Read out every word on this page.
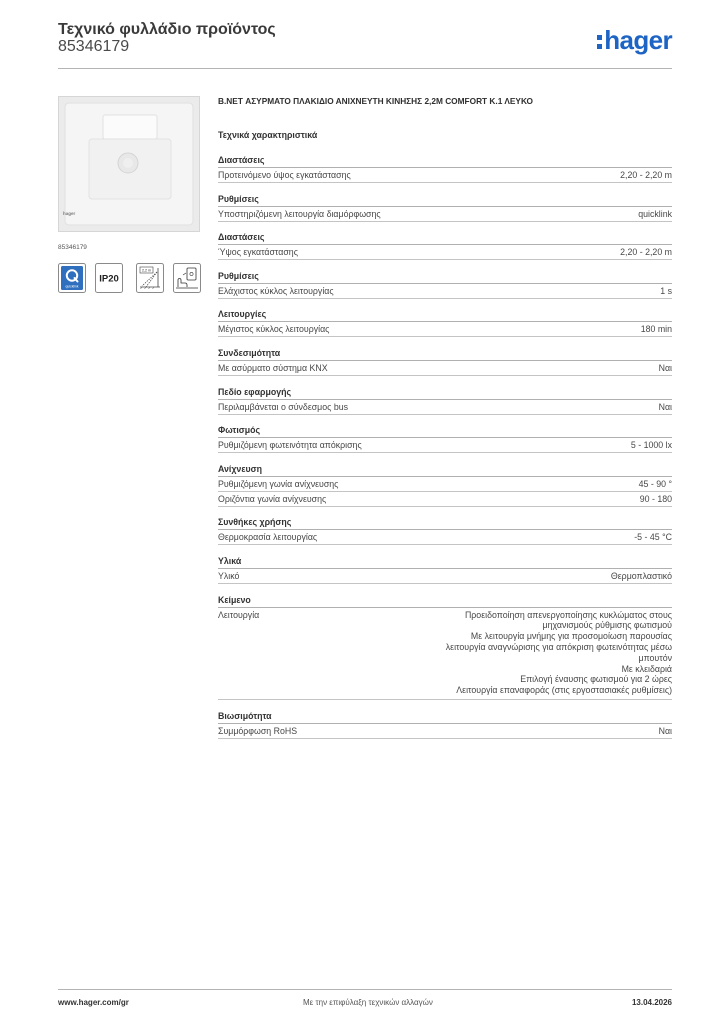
Τεχνικό φυλλάδιο προϊόντος
85346179	hager
hager
85346179
quicklink
IP20
2,2 m
B.NET ΑΣΥΡΜΑΤΟ ΠΛΑΚΙΔΙΟ ΑΝΙΧΝΕΥΤΗ ΚΙΝΗΣΗΣ 2,2M COMFORT Κ.1 ΛΕΥΚΟ
Τεχνικά χαρακτηριστικά
Διαστάσεις
Προτεινόμενο ύψος εγκατάστασης	2,20 - 2,20 m
Ρυθμίσεις
Υποστηριζόμενη λειτουργία διαμόρφωσης	quicklink
Διαστάσεις
Ύψος εγκατάστασης	2,20 - 2,20 m
Ρυθμίσεις
Ελάχιστος κύκλος λειτουργίας	1 s
Λειτουργίες
Μέγιστος κύκλος λειτουργίας	180 min
Συνδεσιμότητα
Με ασύρματο σύστημα KNX	Ναι
Πεδίο εφαρμογής
Περιλαμβάνεται ο σύνδεσμος bus	Ναι
Φωτισμός
Ρυθμιζόμενη φωτεινότητα απόκρισης	5 - 1000 lx
Ανίχνευση
Ρυθμιζόμενη γωνία ανίχνευσης	45 - 90 °
Οριζόντια γωνία ανίχνευσης	90 - 180
Συνθήκες χρήσης
Θερμοκρασία λειτουργίας	-5 - 45 °C
Υλικά
Υλικό	Θερμοπλαστικό
Κείμενο
Λειτουργία	Προειδοποίηση απενεργοποίησης κυκλώματος στους
μηχανισμούς ρύθμισης φωτισμού
Με λειτουργία μνήμης για προσομοίωση παρουσίας
λειτουργία αναγνώρισης για απόκριση φωτεινότητας μέσω
μπουτόν
Με κλειδαριά
Επιλογή έναυσης φωτισμού για 2 ώρες
Λειτουργία επαναφοράς (στις εργοστασιακές ρυθμίσεις)
Βιωσιμότητα
Συμμόρφωση RoHS	Ναι
www.hager.com/gr	Με την επιφύλαξη τεχνικών αλλαγών	13.04.2026
